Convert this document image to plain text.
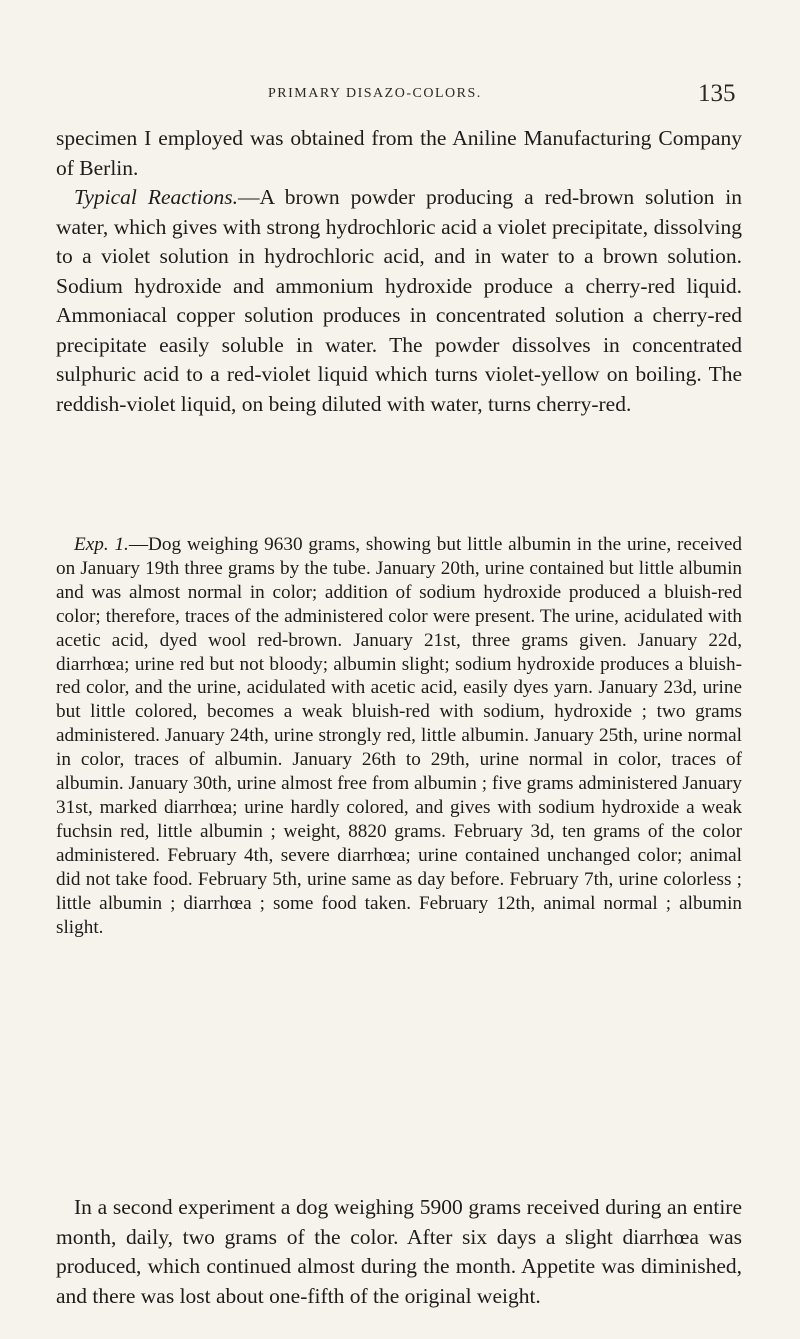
PRIMARY DISAZO-COLORS.	135

specimen I employed was obtained from the Aniline Manufacturing Company of Berlin.
Typical Reactions.—A brown powder producing a red-brown solution in water, which gives with strong hydrochloric acid a violet precipitate, dissolving to a violet solution in hydrochloric acid, and in water to a brown solution. Sodium hydroxide and ammonium hydroxide produce a cherry-red liquid. Ammoniacal copper solution produces in concentrated solution a cherry-red precipitate easily soluble in water. The powder dissolves in concentrated sulphuric acid to a red-violet liquid which turns violet-yellow on boiling. The reddish-violet liquid, on being diluted with water, turns cherry-red.

Exp. 1.—Dog weighing 9630 grams, showing but little albumin in the urine, received on January 19th three grams by the tube. January 20th, urine contained but little albumin and was almost normal in color; addition of sodium hydroxide produced a bluish-red color; therefore, traces of the administered color were present. The urine, acidulated with acetic acid, dyed wool red-brown. January 21st, three grams given. January 22d, diarrhœa; urine red but not bloody; albumin slight; sodium hydroxide produces a bluish-red color, and the urine, acidulated with acetic acid, easily dyes yarn. January 23d, urine but little colored, becomes a weak bluish-red with sodium, hydroxide ; two grams administered. January 24th, urine strongly red, little albumin. January 25th, urine normal in color, traces of albumin. January 26th to 29th, urine normal in color, traces of albumin. January 30th, urine almost free from albumin ; five grams administered January 31st, marked diarrhœa; urine hardly colored, and gives with sodium hydroxide a weak fuchsin red, little albumin ; weight, 8820 grams. February 3d, ten grams of the color administered. February 4th, severe diarrhœa; urine contained unchanged color; animal did not take food. February 5th, urine same as day before. February 7th, urine colorless ; little albumin ; diarrhœa ; some food taken. February 12th, animal normal ; albumin slight.

In a second experiment a dog weighing 5900 grams received during an entire month, daily, two grams of the color. After six days a slight diarrhœa was produced, which continued almost during the month. Appetite was diminished, and there was lost about one-fifth of the original weight.
